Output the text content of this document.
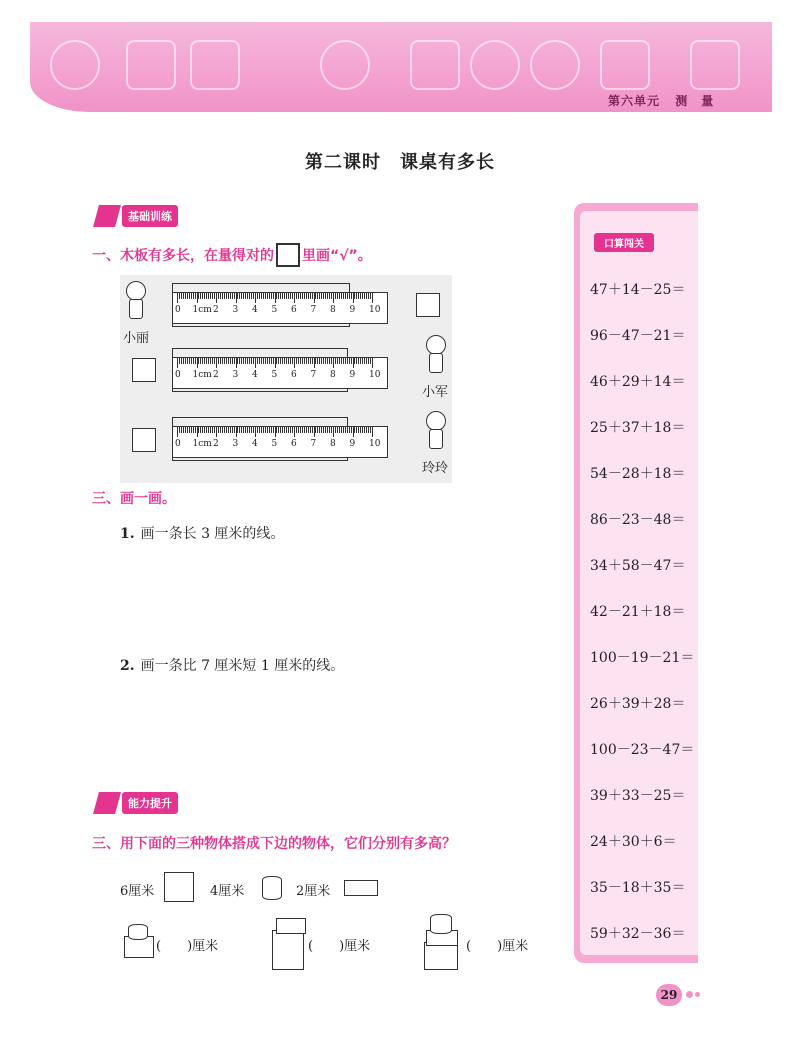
第六单元 测　量
第二课时　课桌有多长
基础训练
一、木板有多长，在量得对的 里画“√”。
小丽
0 1cm 2 3 4 5 6 7 8 9 10
0 1cm 2 3 4 5 6 7 8 9 10
小军
0 1cm 2 3 4 5 6 7 8 9 10
玲玲
三、画一画。
1. 画一条长 3 厘米的线。
2. 画一条比 7 厘米短 1 厘米的线。
能力提升
三、用下面的三种物体搭成下边的物体，它们分别有多高？
6厘米	4厘米	2厘米
(　　)厘米	(　　)厘米	(　　)厘米
口算闯关
47＋14－25＝
96－47－21＝
46＋29＋14＝
25＋37＋18＝
54－28＋18＝
86－23－48＝
34＋58－47＝
42－21＋18＝
100－19－21＝
26＋39＋28＝
100－23－47＝
39＋33－25＝
24＋30＋6＝
35－18＋35＝
59＋32－36＝
29
